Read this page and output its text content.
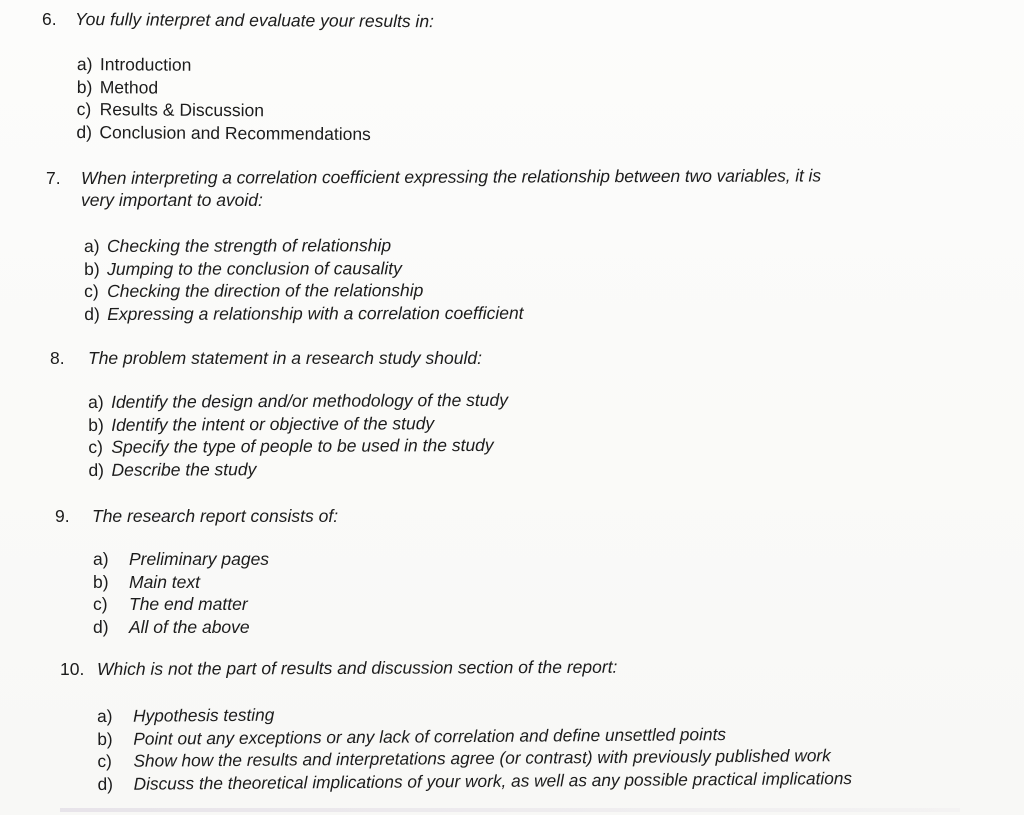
6. You fully interpret and evaluate your results in:
a) Introduction
b) Method
c) Results & Discussion
d) Conclusion and Recommendations
7. When interpreting a correlation coefficient expressing the relationship between two variables, it is
very important to avoid:
a) Checking the strength of relationship
b) Jumping to the conclusion of causality
c) Checking the direction of the relationship
d) Expressing a relationship with a correlation coefficient
8. The problem statement in a research study should:
a) Identify the design and/or methodology of the study
b) Identify the intent or objective of the study
c) Specify the type of people to be used in the study
d) Describe the study
9. The research report consists of:
a) Preliminary pages
b) Main text
c) The end matter
d) All of the above
10. Which is not the part of results and discussion section of the report:
a) Hypothesis testing
b) Point out any exceptions or any lack of correlation and define unsettled points
c) Show how the results and interpretations agree (or contrast) with previously published work
d) Discuss the theoretical implications of your work, as well as any possible practical implications
